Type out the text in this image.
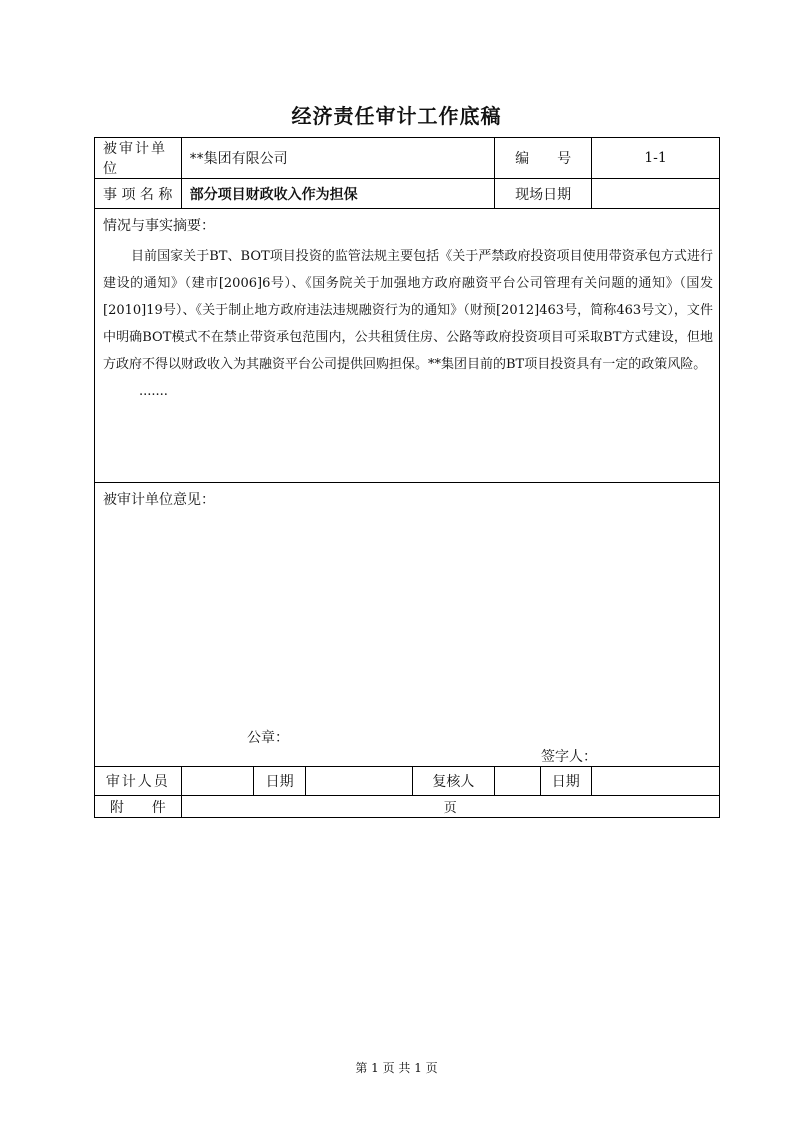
经济责任审计工作底稿
被审计单位	**集团有限公司				编　　号		1-1
事 项 名 称	部分项目财政收入作为担保				现场日期		

情况与事实摘要：

目前国家关于BT、BOT项目投资的监管法规主要包括《关于严禁政府投资项目使用带资承包方式进行建设的通知》（建市[2006]6号）、《国务院关于加强地方政府融资平台公司管理有关问题的通知》（国发[2010]19号）、《关于制止地方政府违法违规融资行为的通知》（财预[2012]463号，简称463号文），文件中明确BOT模式不在禁止带资承包范围内，公共租赁住房、公路等政府投资项目可采取BT方式建设，但地方政府不得以财政收入为其融资平台公司提供回购担保。**集团目前的BT项目投资具有一定的政策风险。

.......							

被审计单位意见：
公章：
签字人：							

审计人员		日期		复核人		日期	
附　　件	页						
第 1 页 共 1 页
